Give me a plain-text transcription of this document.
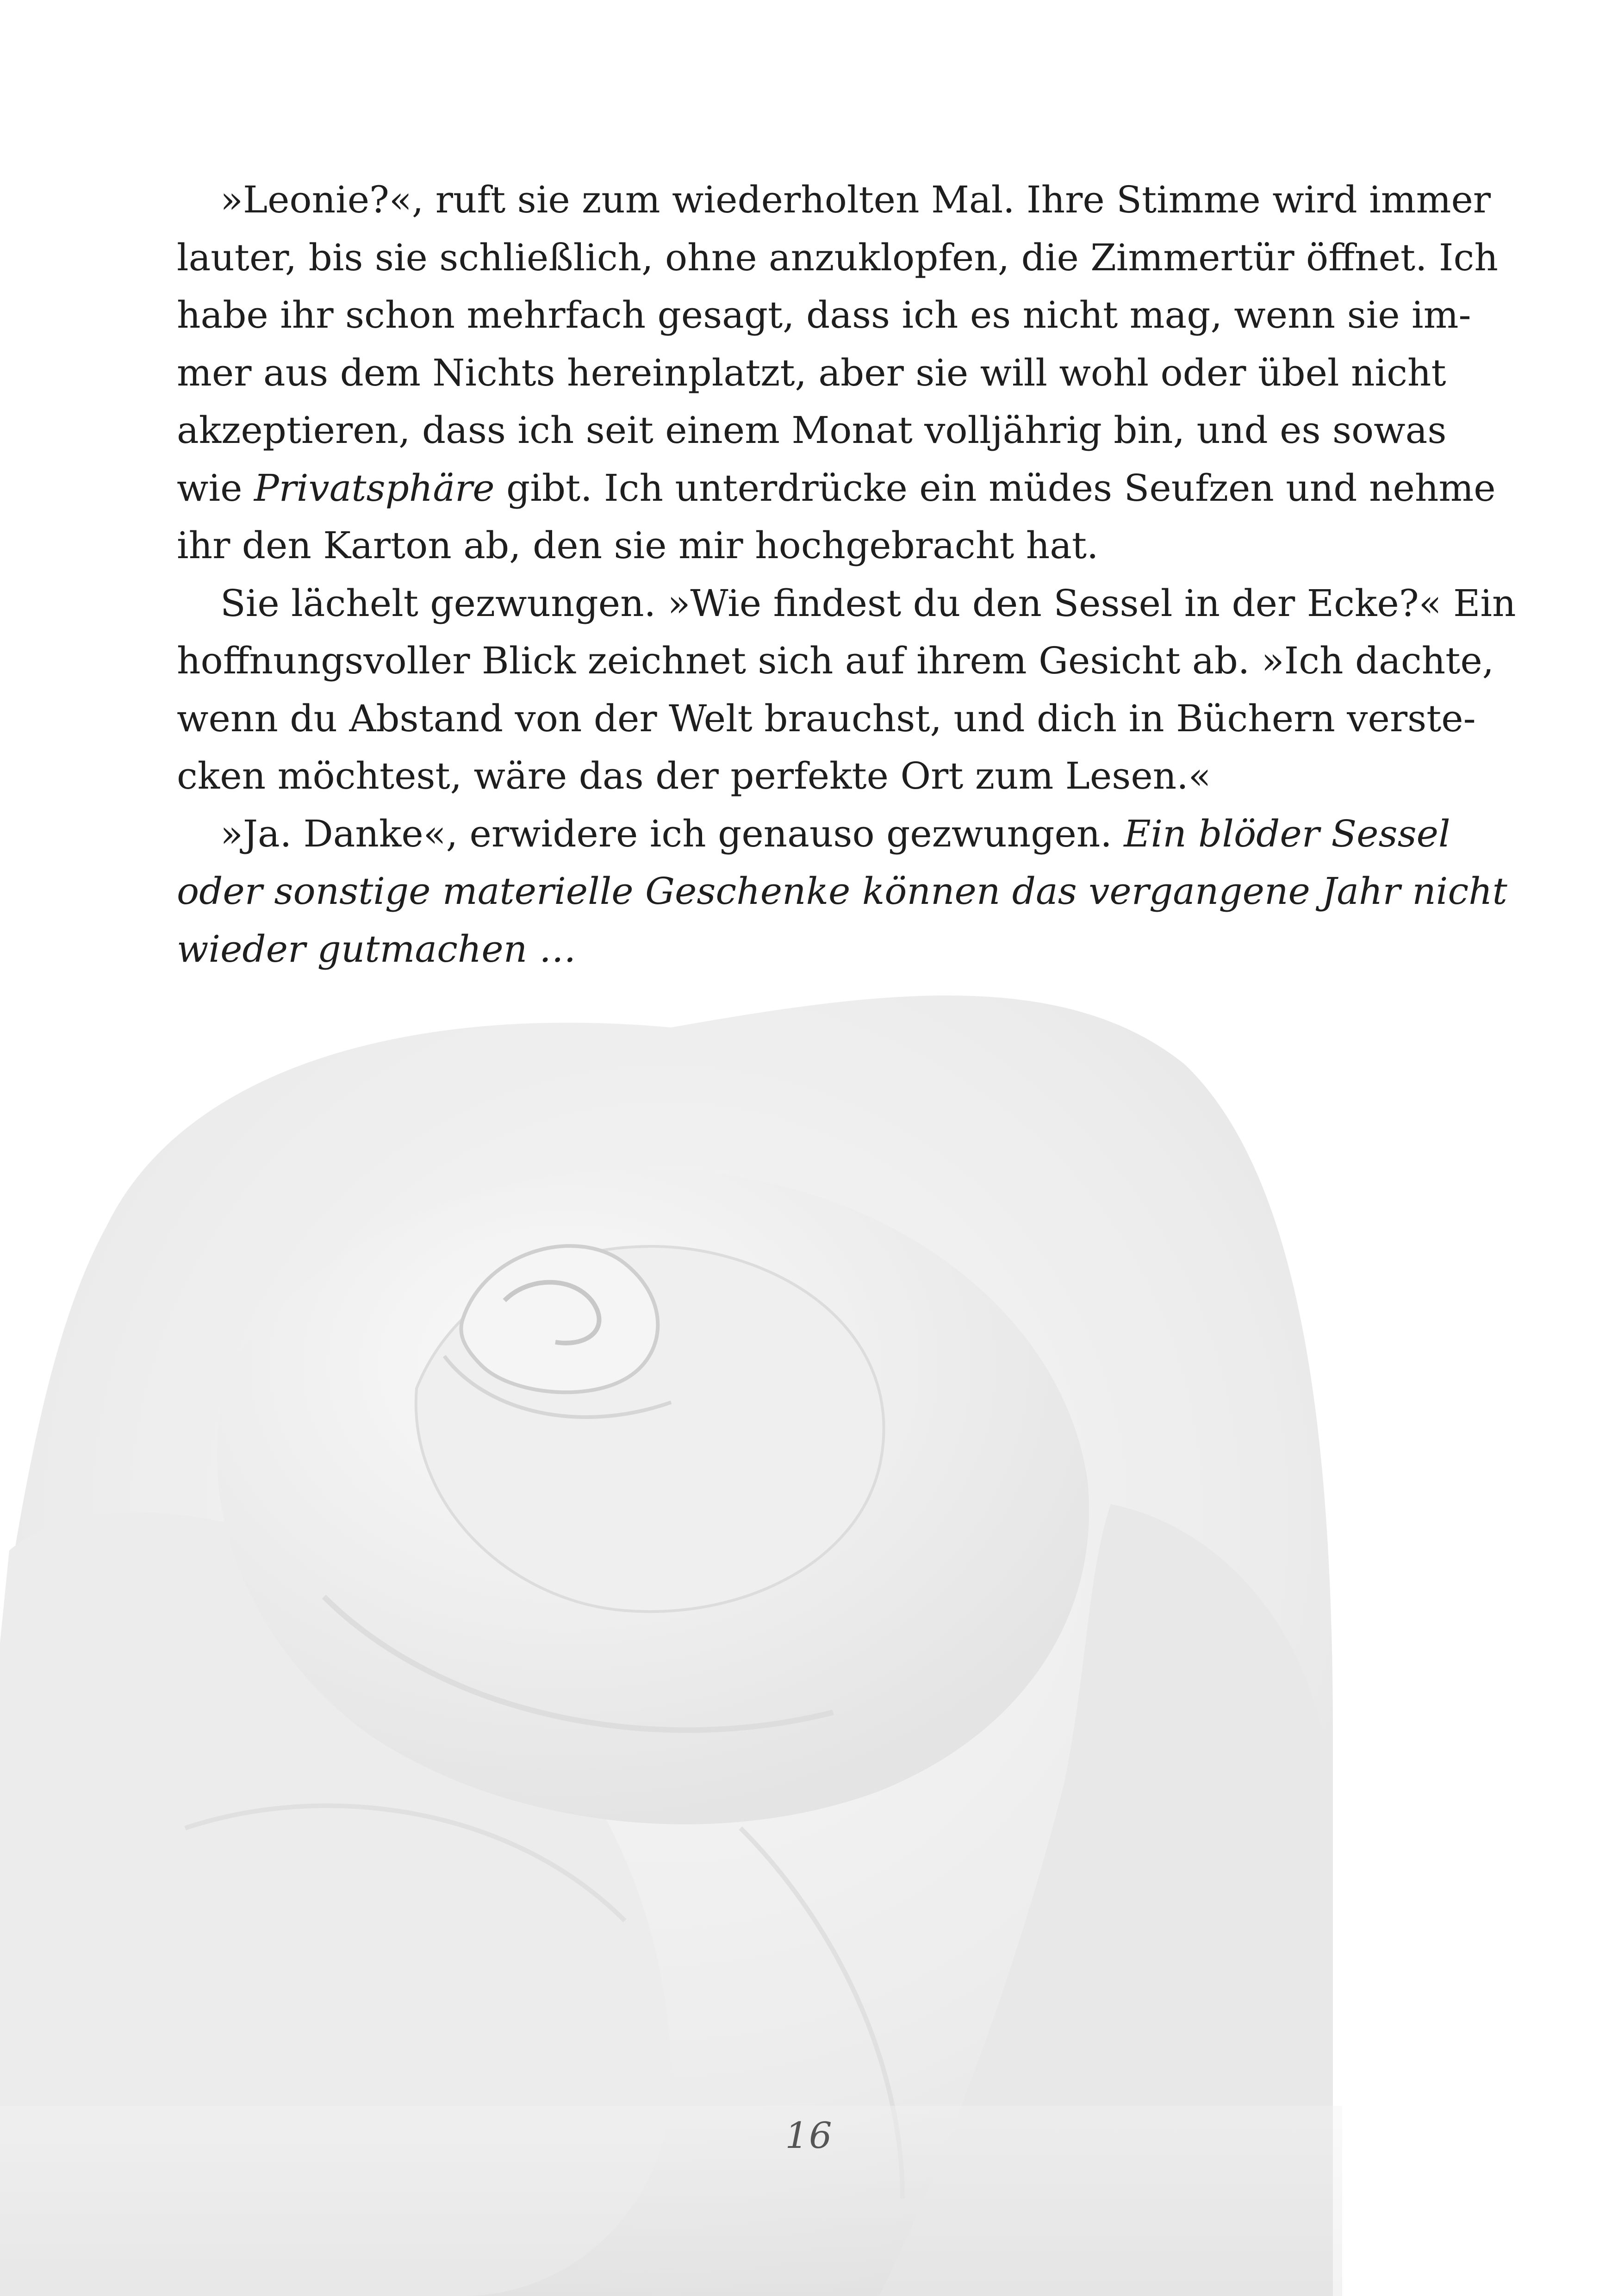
»Leonie?«, ruft sie zum wiederholten Mal. Ihre Stimme wird immer
lauter, bis sie schließlich, ohne anzuklopfen, die Zimmertür öffnet. Ich
habe ihr schon mehrfach gesagt, dass ich es nicht mag, wenn sie im-
mer aus dem Nichts hereinplatzt, aber sie will wohl oder übel nicht
akzeptieren, dass ich seit einem Monat volljährig bin, und es sowas
wie Privatsphäre gibt. Ich unterdrücke ein müdes Seufzen und nehme
ihr den Karton ab, den sie mir hochgebracht hat.
Sie lächelt gezwungen. »Wie findest du den Sessel in der Ecke?« Ein
hoffnungsvoller Blick zeichnet sich auf ihrem Gesicht ab. »Ich dachte,
wenn du Abstand von der Welt brauchst, und dich in Büchern verste-
cken möchtest, wäre das der perfekte Ort zum Lesen.«
»Ja. Danke«, erwidere ich genauso gezwungen. Ein blöder Sessel
oder sonstige materielle Geschenke können das vergangene Jahr nicht
wieder gutmachen …
16
